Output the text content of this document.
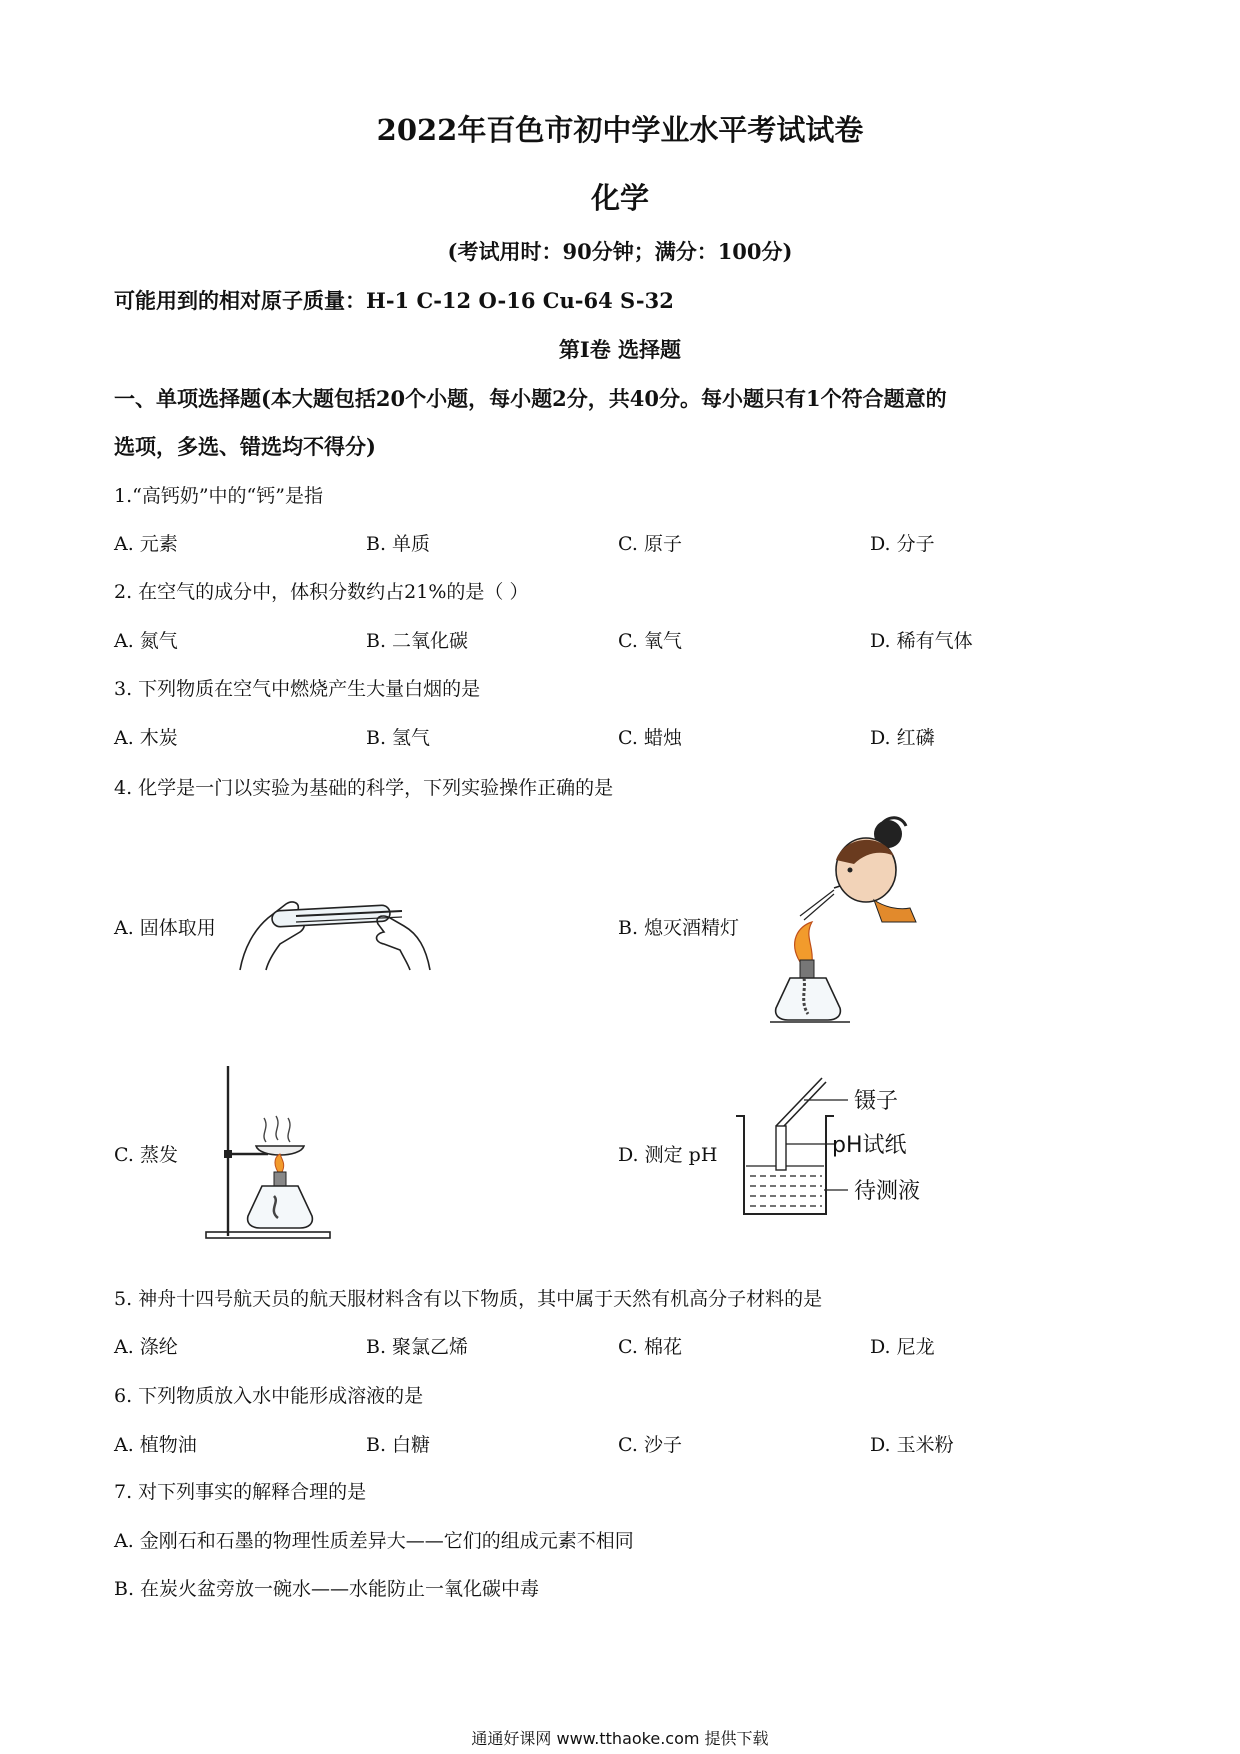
2022年百色市初中学业水平考试试卷
化学
(考试用时：90分钟；满分：100分)
可能用到的相对原子质量：H-1 C-12 O-16 Cu-64 S-32
第Ⅰ卷 选择题
一、单项选择题(本大题包括20个小题，每小题2分，共40分。每小题只有1个符合题意的
选项，多选、错选均不得分)
1.“高钙奶”中的“钙”是指
A. 元素	B. 单质	C. 原子	D. 分子
2. 在空气的成分中，体积分数约占21%的是（ ）
A. 氮气	B. 二氧化碳	C. 氧气	D. 稀有气体
3. 下列物质在空气中燃烧产生大量白烟的是
A. 木炭	B. 氢气	C. 蜡烛	D. 红磷
4. 化学是一门以实验为基础的科学，下列实验操作正确的是
A. 固体取用	B. 熄灭酒精灯
C. 蒸发	D. 测定 pH
镊子
pH试纸
待测液
5. 神舟十四号航天员的航天服材料含有以下物质，其中属于天然有机高分子材料的是
A. 涤纶	B. 聚氯乙烯	C. 棉花	D. 尼龙
6. 下列物质放入水中能形成溶液的是
A. 植物油	B. 白糖	C. 沙子	D. 玉米粉
7. 对下列事实的解释合理的是
A. 金刚石和石墨的物理性质差异大——它们的组成元素不相同
B. 在炭火盆旁放一碗水——水能防止一氧化碳中毒
通通好课网 www.tthaoke.com 提供下载
